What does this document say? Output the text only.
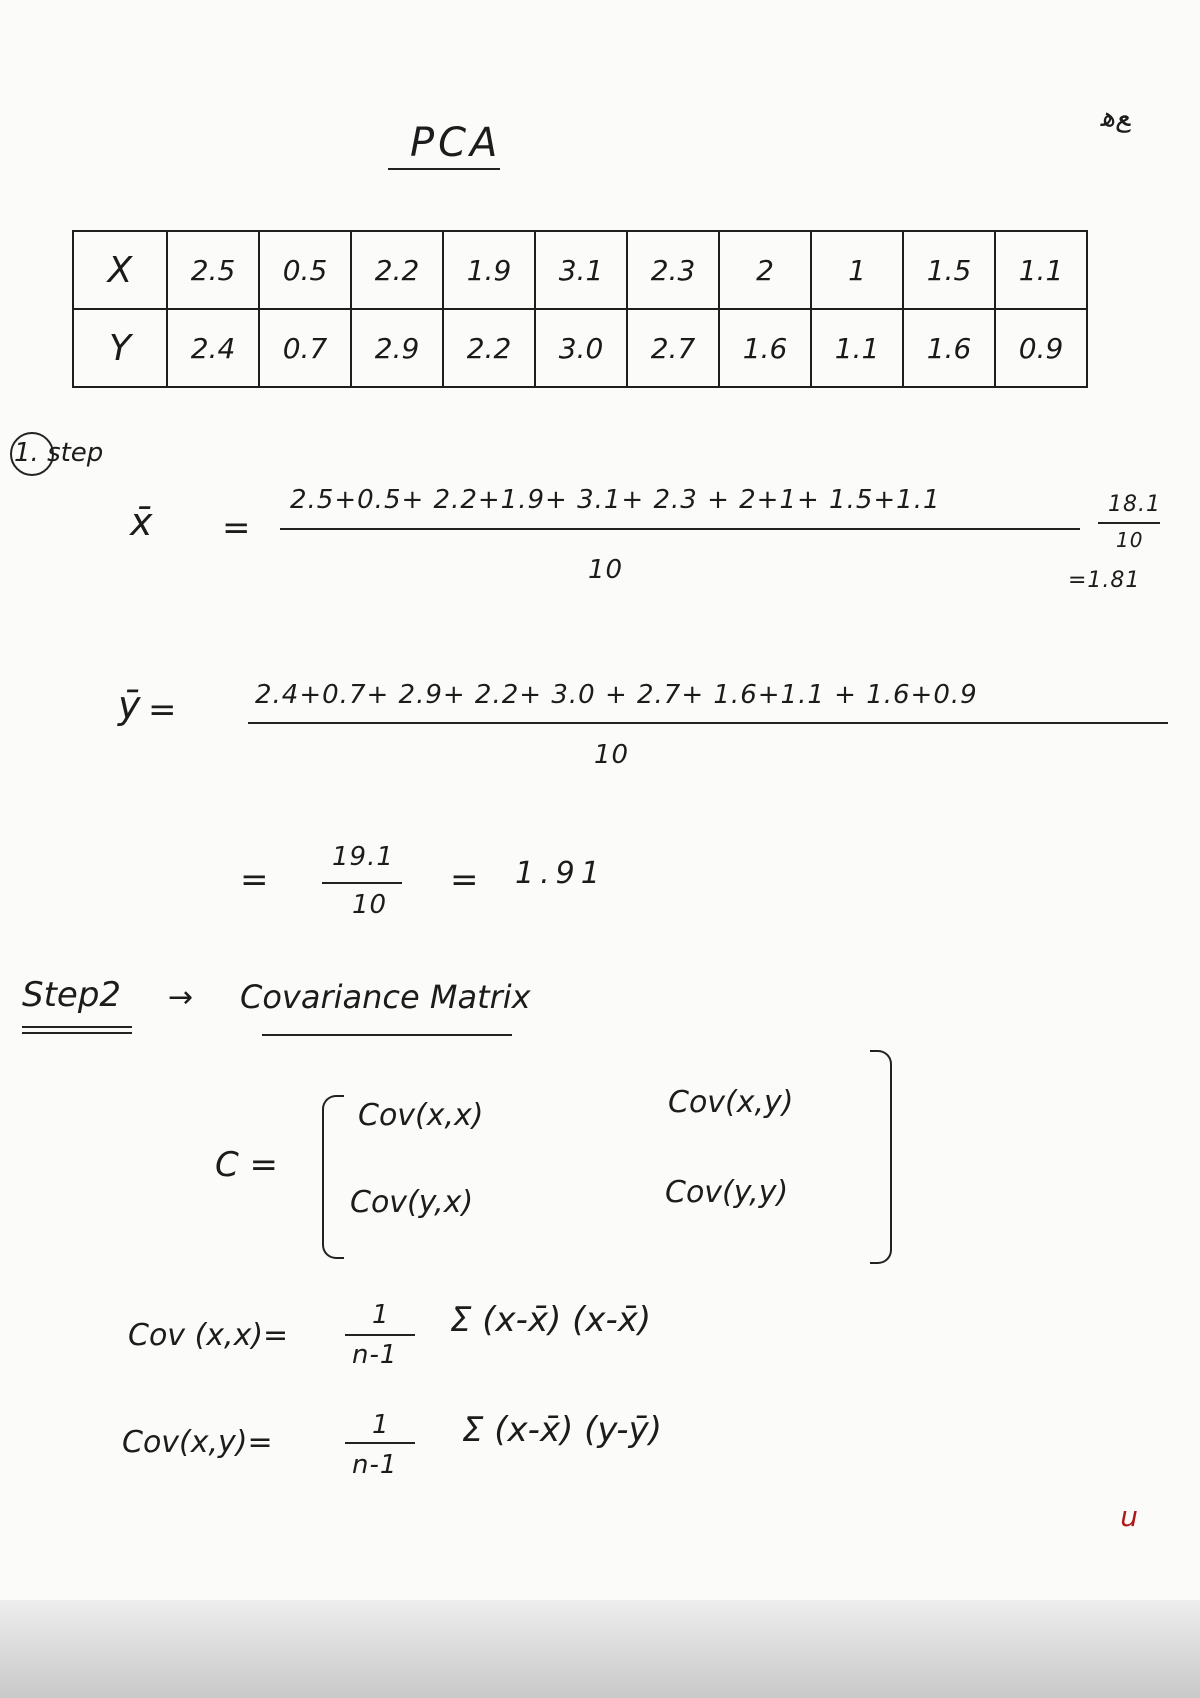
PCA
ﻊﻫ
X	2.5	0.5	2.2	1.9	3.1	2.3	2	1	1.5	1.1
Y	2.4	0.7	2.9	2.2	3.0	2.7	1.6	1.1	1.6	0.9
1. step
x̄ =
2.5+0.5+ 2.2+1.9+ 3.1+ 2.3 + 2+1+ 1.5+1.1
10
18.1
10
=1.81
ȳ =	2.4+0.7+ 2.9+ 2.2+ 3.0 + 2.7+ 1.6+1.1 + 1.6+0.9
10
=
19.1
10
= 1.91
Step2 → Covariance Matrix
C =
Cov(x,x)	Cov(x,y)
Cov(y,x)	Cov(y,y)
Cov (x,x)=
1
n-1
Σ (x-x̄) (x-x̄)
Cov(x,y)=	1
n-1
Σ (x-x̄) (y-ȳ)
u
